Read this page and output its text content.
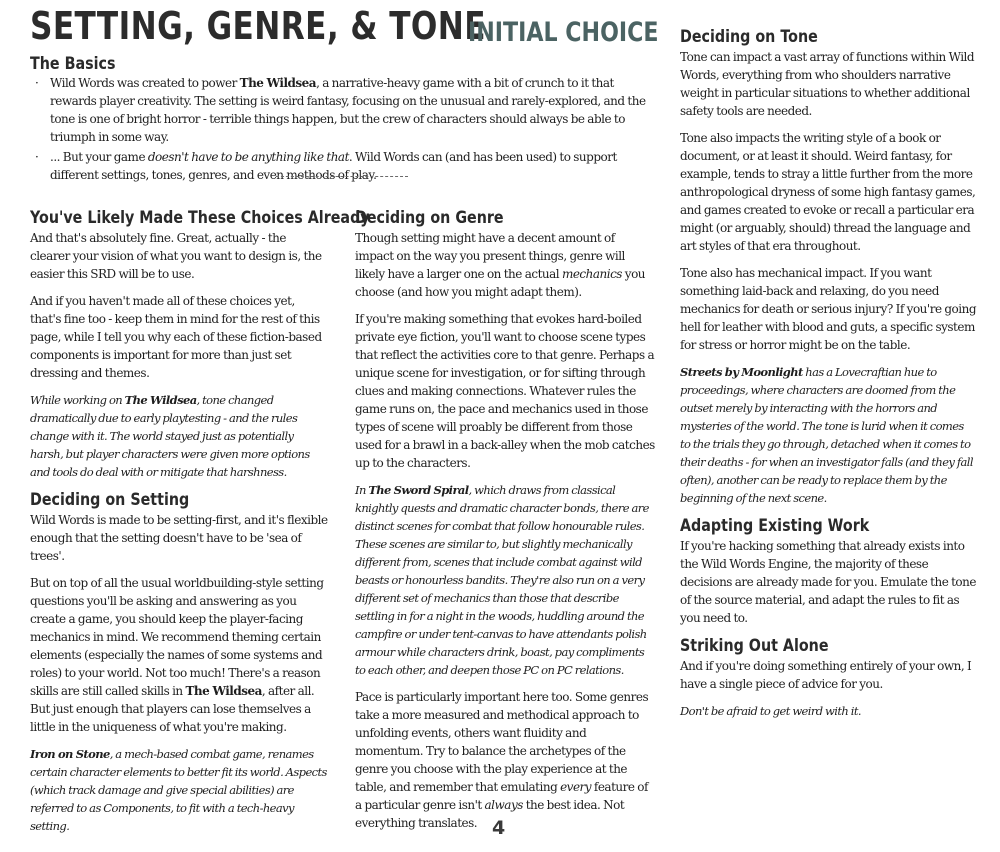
SETTING, GENRE, & TONE
INITIAL CHOICE
The Basics
· Wild Words was created to power The Wildsea, a narrative-heavy game with a bit of crunch to it that rewards player creativity. The setting is weird fantasy, focusing on the unusual and rarely-explored, and the tone is one of bright horror - terrible things happen, but the crew of characters should always be able to triumph in some way.
· ... But your game doesn't have to be anything like that. Wild Words can (and has been used) to support different settings, tones, genres, and even methods of play.
You've Likely Made These Choices Already

And that's absolutely fine. Great, actually - the clearer your vision of what you want to design is, the easier this SRD will be to use.

And if you haven't made all of these choices yet, that's fine too - keep them in mind for the rest of this page, while I tell you why each of these fiction-based components is important for more than just set dressing and themes.

While working on The Wildsea, tone changed dramatically due to early playtesting - and the rules change with it. The world stayed just as potentially harsh, but player characters were given more options and tools do deal with or mitigate that harshness.

Deciding on Setting

Wild Words is made to be setting-first, and it's flexible enough that the setting doesn't have to be 'sea of trees'.

But on top of all the usual worldbuilding-style setting questions you'll be asking and answering as you create a game, you should keep the player-facing mechanics in mind. We recommend theming certain elements (especially the names of some systems and roles) to your world. Not too much! There's a reason skills are still called skills in The Wildsea, after all. But just enough that players can lose themselves a little in the uniqueness of what you're making.

Iron on Stone, a mech-based combat game, renames certain character elements to better fit its world. Aspects (which track damage and give special abilities) are referred to as Components, to fit with a tech-heavy setting.

Deciding on Genre

Though setting might have a decent amount of impact on the way you present things, genre will likely have a larger one on the actual mechanics you choose (and how you might adapt them).

If you're making something that evokes hard-boiled private eye fiction, you'll want to choose scene types that reflect the activities core to that genre. Perhaps a unique scene for investigation, or for sifting through clues and making connections. Whatever rules the game runs on, the pace and mechanics used in those types of scene will proably be different from those used for a brawl in a back-alley when the mob catches up to the characters.

In The Sword Spiral, which draws from classical knightly quests and dramatic character bonds, there are distinct scenes for combat that follow honourable rules. These scenes are similar to, but slightly mechanically different from, scenes that include combat against wild beasts or honourless bandits. They're also run on a very different set of mechanics than those that describe settling in for a night in the woods, huddling around the campfire or under tent-canvas to have attendants polish armour while characters drink, boast, pay compliments to each other, and deepen those PC on PC relations.

Pace is particularly important here too. Some genres take a more measured and methodical approach to unfolding events, others want fluidity and momentum. Try to balance the archetypes of the genre you choose with the play experience at the table, and remember that emulating every feature of a particular genre isn't always the best idea. Not everything translates.

Deciding on Tone

Tone can impact a vast array of functions within Wild Words, everything from who shoulders narrative weight in particular situations to whether additional safety tools are needed.

Tone also impacts the writing style of a book or document, or at least it should. Weird fantasy, for example, tends to stray a little further from the more anthropological dryness of some high fantasy games, and games created to evoke or recall a particular era might (or arguably, should) thread the language and art styles of that era throughout.

Tone also has mechanical impact. If you want something laid-back and relaxing, do you need mechanics for death or serious injury? If you're going hell for leather with blood and guts, a specific system for stress or horror might be on the table.

Streets by Moonlight has a Lovecraftian hue to proceedings, where characters are doomed from the outset merely by interacting with the horrors and mysteries of the world. The tone is lurid when it comes to the trials they go through, detached when it comes to their deaths - for when an investigator falls (and they fall often), another can be ready to replace them by the beginning of the next scene.

Adapting Existing Work

If you're hacking something that already exists into the Wild Words Engine, the majority of these decisions are already made for you. Emulate the tone of the source material, and adapt the rules to fit as you need to.

Striking Out Alone

And if you're doing something entirely of your own, I have a single piece of advice for you.

Don't be afraid to get weird with it.

4
